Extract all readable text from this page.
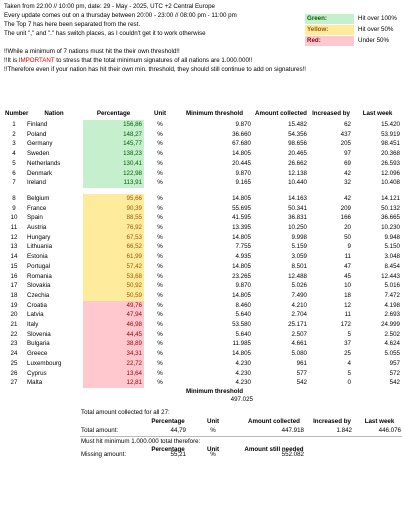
Taken from 22:00 // 10:00 pm, date: 29 - May - 2025, UTC +2 Central Europe
Every update comes out on a thursday between 20:00 - 23:00 // 08:00 pm - 11:00 pm
The Top 7 has here been separated from the rest.
The unit "," and "." has switch places, as I couldn't get it to work otherwise
!!While a minimum of 7 nations must hit the their own threshold!!
!!It is IMPORTANT to stress that the total minimum signatures of all nations are 1.000.000!!
!!Therefore even if your nation has hit their own min. threshold, they should still continue to add on signatures!!
Green:	Hit over 100%
Yellow:	Hit over 50%
Red:	Under 50%
Number	Nation	Percentage	Unit	Minimum threshold	Amount collected	Increased by	Last week
1	Finland	156,86	%	9.870	15.482	62	15.420
2	Poland	148,27	%	36.660	54.356	437	53.919
3	Germany	145,77	%	67.680	98.656	205	98.451
4	Sweden	138,23	%	14.805	20.465	97	20.368
5	Netherlands	130,41	%	20.445	26.662	69	26.593
6	Denmark	122,98	%	9.870	12.138	42	12.096
7	Ireland	113,91	%	9.165	10.440	32	10.408

8	Belgium	95,66	%	14.805	14.163	42	14.121
9	France	90,39	%	55.695	50.341	209	50.132
10	Spain	88,55	%	41.595	36.831	166	36.665
11	Austria	76,92	%	13.395	10.250	20	10.230
12	Hungary	67,53	%	14.805	9.998	50	9.948
13	Lithuania	66,52	%	7.755	5.159	9	5.150
14	Estonia	61,99	%	4.935	3.059	11	3.048
15	Portugal	57,42	%	14.805	8.501	47	8.454
16	Romania	53,68	%	23.265	12.488	45	12.443
17	Slovakia	50,92	%	9.870	5.026	10	5.016
18	Czechia	50,59	%	14.805	7.490	18	7.472
19	Croatia	49,76	%	8.460	4.210	12	4.198
20	Latvia	47,94	%	5.640	2.704	11	2.693
21	Italy	46,98	%	53.580	25.171	172	24.999
22	Slovenia	44,45	%	5.640	2.507	5	2.502
23	Bulgaria	38,89	%	11.985	4.661	37	4.624
24	Greece	34,31	%	14.805	5.080	25	5.055
25	Luxembourg	22,72	%	4.230	961	4	957
26	Cyprus	13,64	%	4.230	577	5	572
27	Malta	12,81	%	4.230	542	0	542
Minimum threshold
497.025
Total amount collected for all 27:
Percentage	Unit	Amount collected	Increased by	Last week
Total amount:	44,79	%	447.918	1.842	446.076
Must hit minimum 1.000.000 total therefore:
Percentage	Unit	Amount still needed
Missing amount:	55,21	%	552.082
